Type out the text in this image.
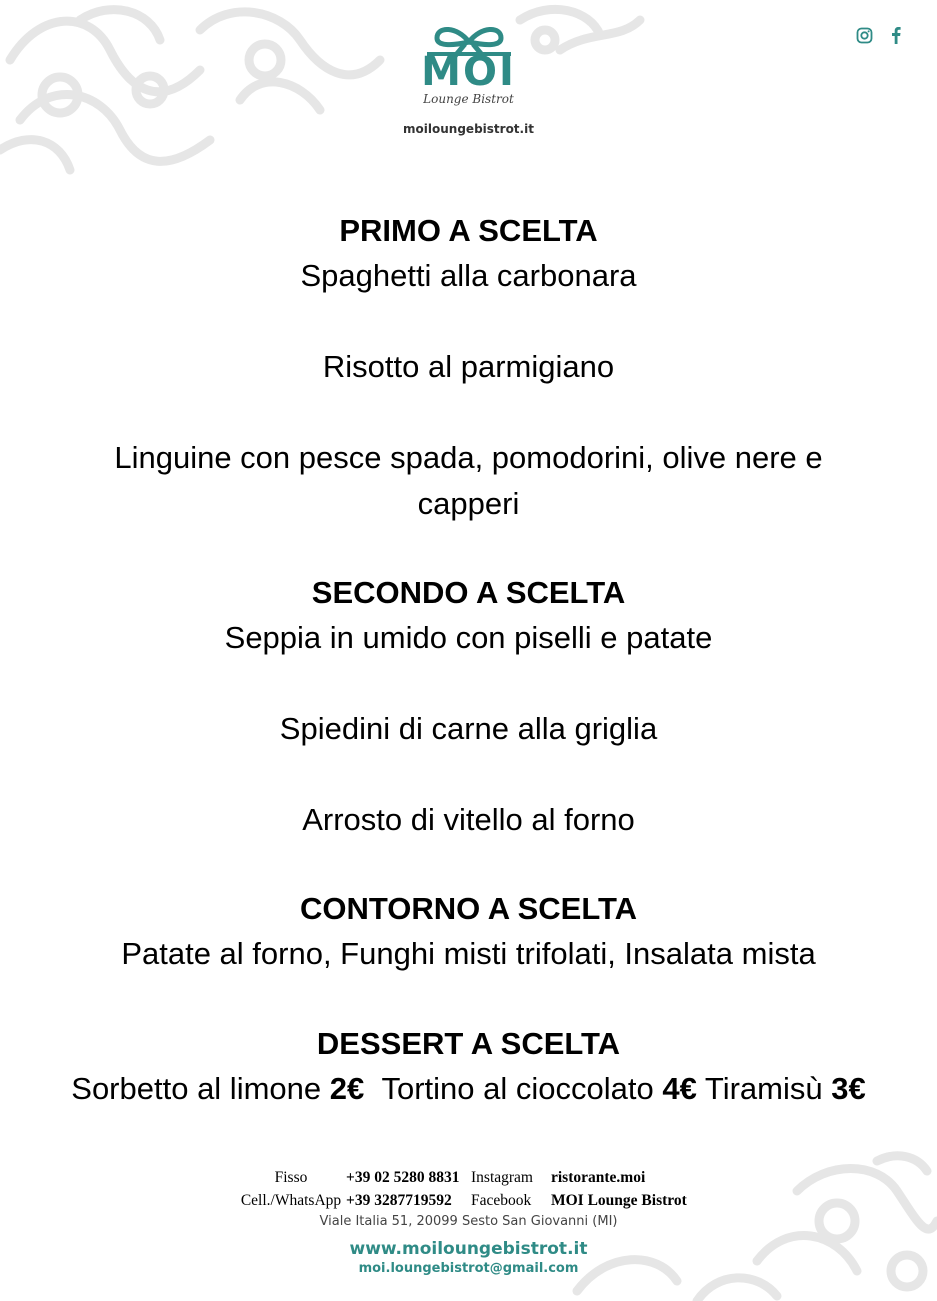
MOI
Lounge Bistrot
moiloungebistrot.it
PRIMO A SCELTA
Spaghetti alla carbonara
Risotto al parmigiano
Linguine con pesce spada, pomodorini, olive nere e
capperi
SECONDO A SCELTA
Seppia in umido con piselli e patate
Spiedini di carne alla griglia
Arrosto di vitello al forno
CONTORNO A SCELTA
Patate al forno, Funghi misti trifolati, Insalata mista
DESSERT A SCELTA
Sorbetto al limone 2€ Tortino al cioccolato 4€ Tiramisù 3€
Fisso	+39 02 5280 8831 Instagram	ristorante.moi
Cell./WhatsApp +39 3287719592	Facebook	MOI Lounge Bistrot
Viale Italia 51, 20099 Sesto San Giovanni (MI)
www.moiloungebistrot.it
moi.loungebistrot@gmail.com
